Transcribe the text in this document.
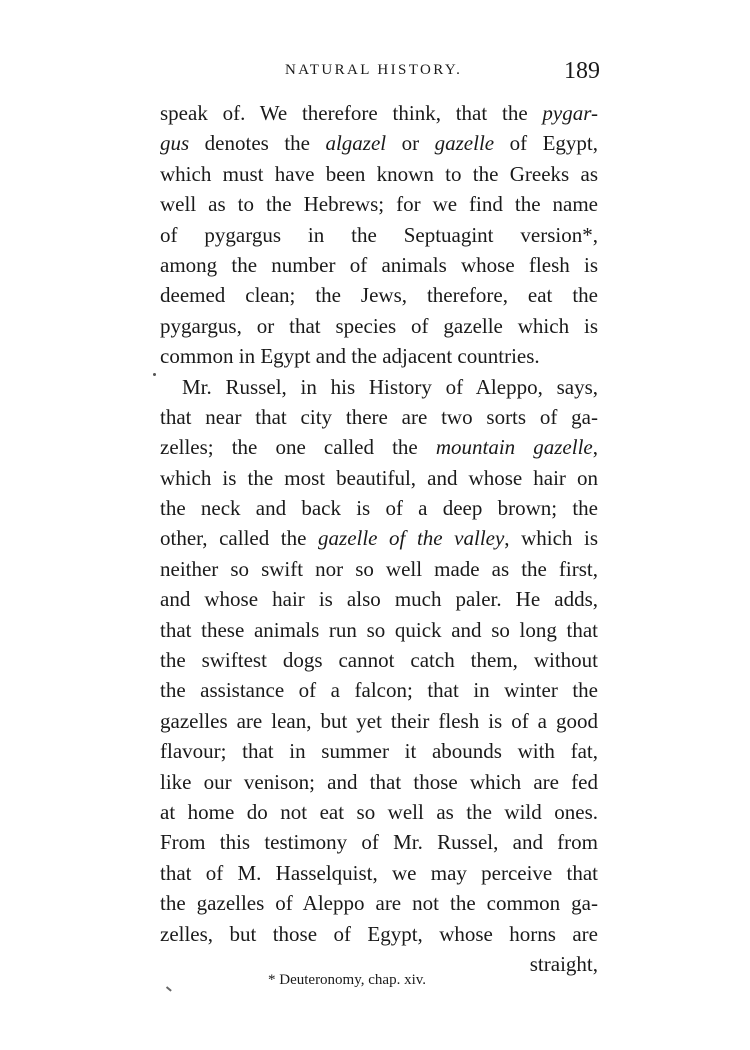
NATURAL HISTORY.	189
speak of. We therefore think, that the pygar-
gus denotes the algazel or gazelle of Egypt,
which must have been known to the Greeks as
well as to the Hebrews; for we find the name
of pygargus in the Septuagint version*,
among the number of animals whose flesh is
deemed clean; the Jews, therefore, eat the
pygargus, or that species of gazelle which is
common in Egypt and the adjacent countries.
Mr. Russel, in his History of Aleppo, says,
that near that city there are two sorts of ga-
zelles; the one called the mountain gazelle,
which is the most beautiful, and whose hair on
the neck and back is of a deep brown; the
other, called the gazelle of the valley, which is
neither so swift nor so well made as the first,
and whose hair is also much paler. He adds,
that these animals run so quick and so long that
the swiftest dogs cannot catch them, without
the assistance of a falcon; that in winter the
gazelles are lean, but yet their flesh is of a good
flavour; that in summer it abounds with fat,
like our venison; and that those which are fed
at home do not eat so well as the wild ones.
From this testimony of Mr. Russel, and from
that of M. Hasselquist, we may perceive that
the gazelles of Aleppo are not the common ga-
zelles, but those of Egypt, whose horns are
straight,
* Deuteronomy, chap. xiv.
